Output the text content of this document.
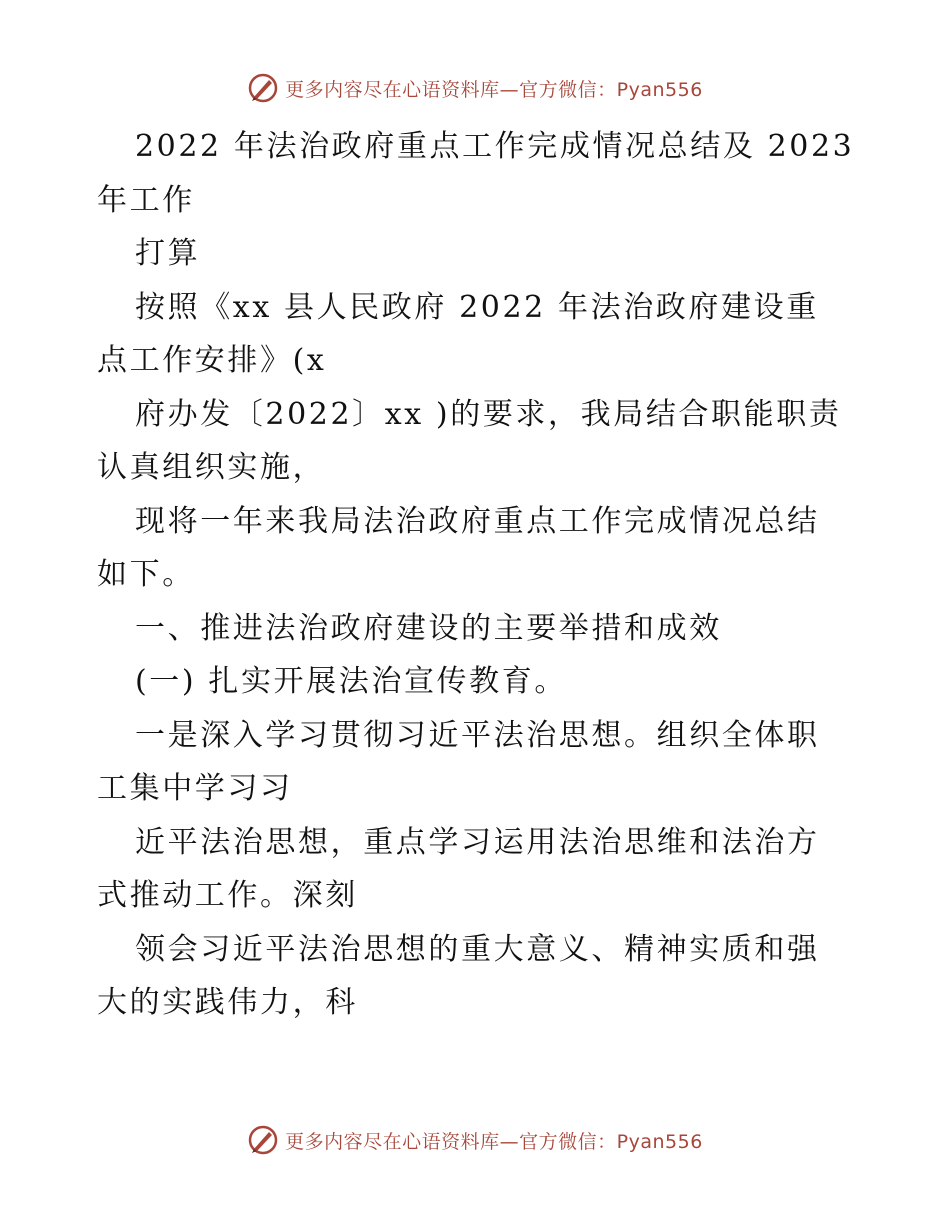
更多内容尽在心语资料库—官方微信：Pyan556
2022 年法治政府重点工作完成情况总结及 2023
年工作
打算
按照《xx 县人民政府 2022 年法治政府建设重
点工作安排》(x
府办发〔2022〕xx )的要求，我局结合职能职责
认真组织实施，
现将一年来我局法治政府重点工作完成情况总结
如下。
一、推进法治政府建设的主要举措和成效
(一) 扎实开展法治宣传教育。
一是深入学习贯彻习近平法治思想。组织全体职
工集中学习习
近平法治思想，重点学习运用法治思维和法治方
式推动工作。深刻
领会习近平法治思想的重大意义、精神实质和强
大的实践伟力，科
更多内容尽在心语资料库—官方微信：Pyan556
